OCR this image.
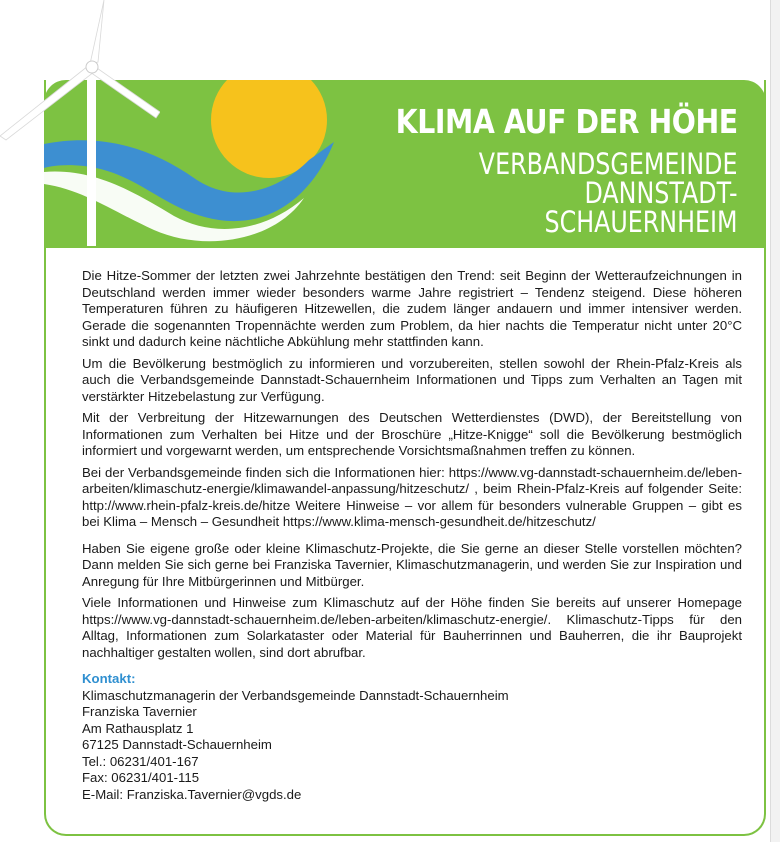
KLIMA AUF DER HÖHE
VERBANDSGEMEINDE
DANNSTADT-
SCHAUERNHEIM

Die Hitze-Sommer der letzten zwei Jahrzehnte bestätigen den Trend: seit Beginn der Wetteraufzeichnungen in Deutschland werden immer wieder besonders warme Jahre registriert – Tendenz steigend. Diese höheren Temperaturen führen zu häufigeren Hitzewellen, die zudem länger andauern und immer intensiver werden. Gerade die sogenannten Tropennächte werden zum Problem, da hier nachts die Temperatur nicht unter 20°C sinkt und dadurch keine nächtliche Abkühlung mehr stattfinden kann.

Um die Bevölkerung bestmöglich zu informieren und vorzubereiten, stellen sowohl der Rhein-Pfalz-Kreis als auch die Verbandsgemeinde Dannstadt-Schauernheim Informationen und Tipps zum Verhalten an Tagen mit verstärkter Hitzebelastung zur Verfügung.

Mit der Verbreitung der Hitzewarnungen des Deutschen Wetterdienstes (DWD), der Bereitstellung von Informationen zum Verhalten bei Hitze und der Broschüre „Hitze-Knigge“ soll die Bevölkerung bestmöglich informiert und vorgewarnt werden, um entsprechende Vorsichtsmaßnahmen treffen zu können.

Bei der Verbandsgemeinde finden sich die Informationen hier: https://www.vg-dannstadt-schauernheim.de/leben-arbeiten/klimaschutz-energie/klimawandel-anpassung/hitzeschutz/ , beim Rhein-Pfalz-Kreis auf folgender Seite: http://www.rhein-pfalz-kreis.de/hitze Weitere Hinweise – vor allem für besonders vulnerable Gruppen – gibt es bei Klima – Mensch – Gesundheit https://www.klima-mensch-gesundheit.de/hitzeschutz/

Haben Sie eigene große oder kleine Klimaschutz-Projekte, die Sie gerne an dieser Stelle vorstellen möchten? Dann melden Sie sich gerne bei Franziska Tavernier, Klimaschutzmanagerin, und werden Sie zur Inspiration und Anregung für Ihre Mitbürgerinnen und Mitbürger.

Viele Informationen und Hinweise zum Klimaschutz auf der Höhe finden Sie bereits auf unserer Homepage https://www.vg-dannstadt-schauernheim.de/leben-arbeiten/klimaschutz-energie/. Klimaschutz-Tipps für den Alltag, Informationen zum Solarkataster oder Material für Bauherrinnen und Bauherren, die ihr Bauprojekt nachhaltiger gestalten wollen, sind dort abrufbar.

Kontakt:
Klimaschutzmanagerin der Verbandsgemeinde Dannstadt-Schauernheim
Franziska Tavernier
Am Rathausplatz 1
67125 Dannstadt-Schauernheim
Tel.: 06231/401-167
Fax: 06231/401-115
E-Mail: Franziska.Tavernier@vgds.de
